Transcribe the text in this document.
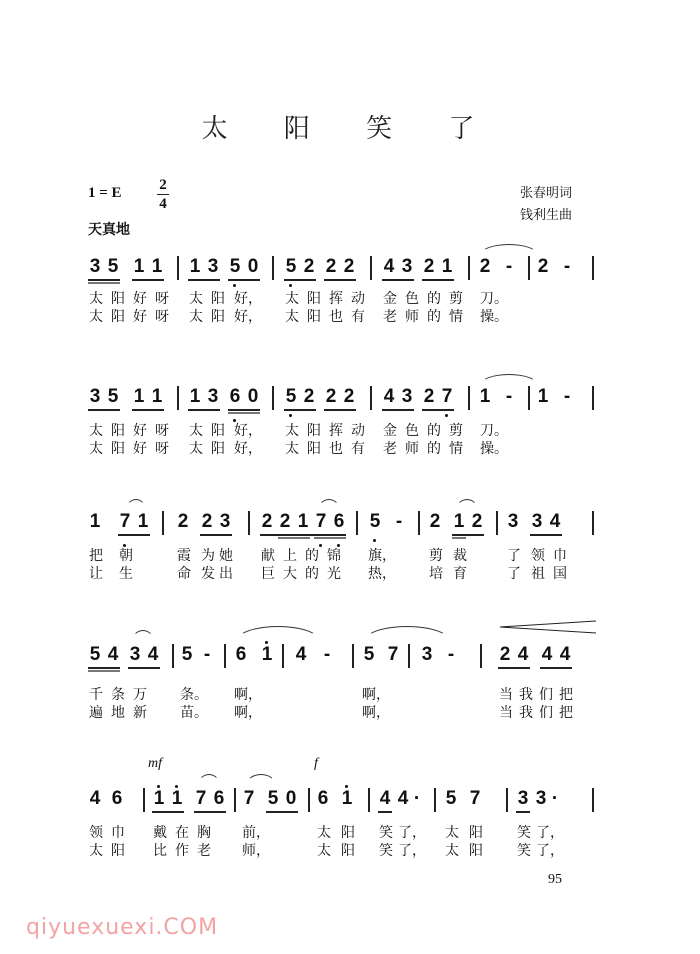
太 阳 笑 了
1 = E	2
4
天真地
张春明词
钱利生曲
3 5 1 1 1 3 5 0 5 2 2 2 4 3 2 1 2 - 2 -
太 阳 好 呀 太 阳 好， 太 阳 挥 动 金 色 的 剪 刀。
太 阳 好 呀 太 阳 好， 太 阳 也 有 老 师 的 情 操。
3 5 1 1 1 3 6 0 5 2 2 2 4 3 2 7 1 - 1 -
太 阳 好 呀 太 阳 好， 太 阳 挥 动 金 色 的 剪 刀。
太 阳 好 呀 太 阳 好， 太 阳 也 有 老 师 的 情 操。
1 7 1 2 2 3 2 2 1 7 6 5 - 2 1 2 3 3 4
把 朝	霞 为 她 献 上 的 锦 旗， 剪 裁	了 领 巾
让 生	命 发 出 巨 大 的 光 热， 培 育	了 祖 国
5 4 3 4 5 - 6 1 4 - 5 7 3 - 2 4 4 4
千 条 万 条。 啊，	啊，	当 我 们 把
遍 地 新 苗。 啊，	啊，	当 我 们 把
mf	f
4 6 1 1 7 6 7 5 0 6 1 4 4 · 5 7 3 3 ·
领 巾 戴 在 胸 前，	太 阳 笑 了， 太 阳 笑 了，
太 阳 比 作 老 师，	太 阳 笑 了， 太 阳 笑 了，
95
qiyuexuexi.COM
